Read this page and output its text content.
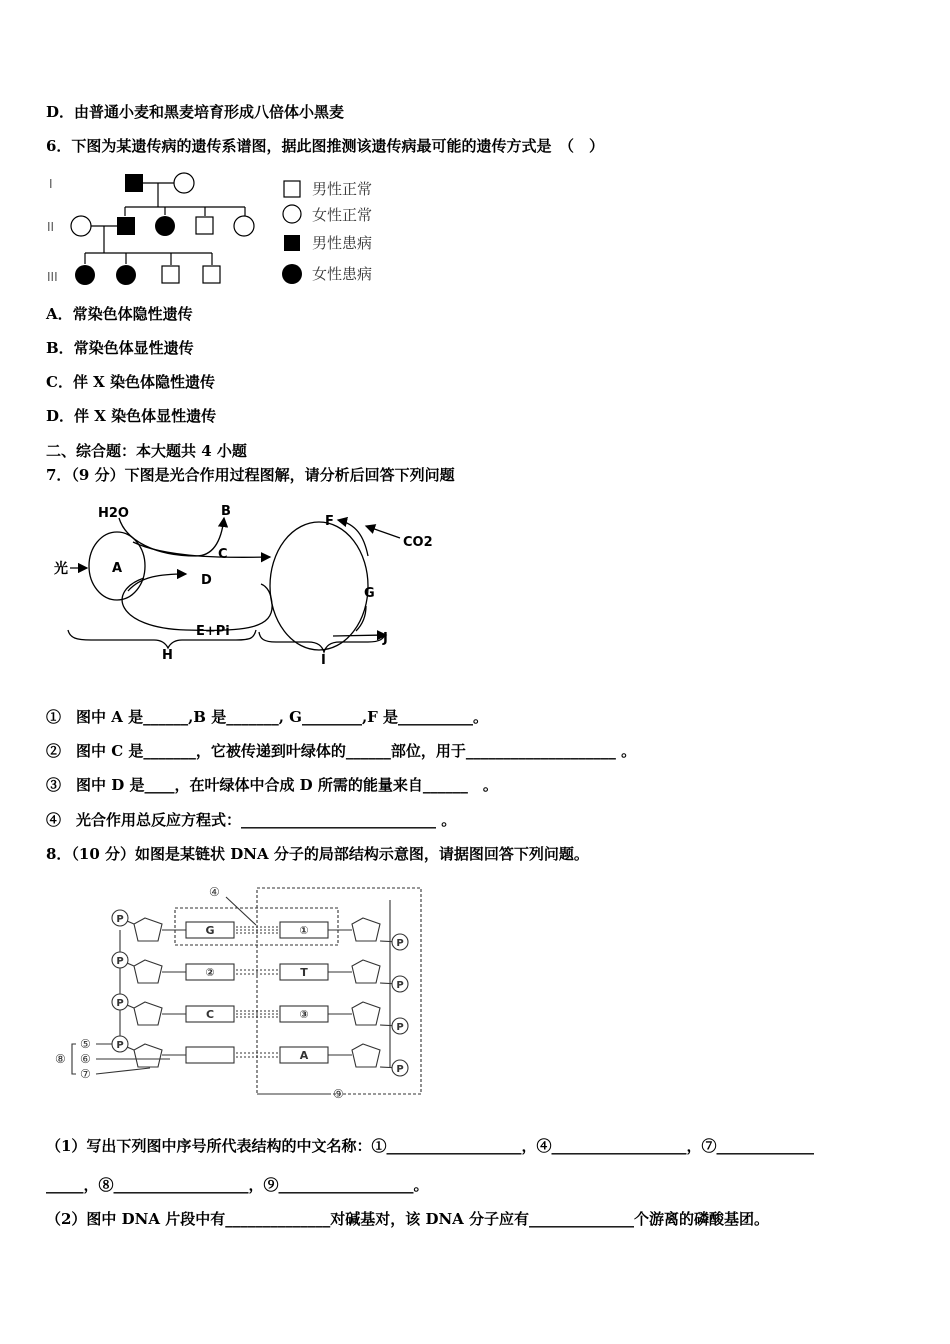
D．由普通小麦和黑麦培育形成八倍体小黑麦
6．下图为某遗传病的遗传系谱图，据此图推测该遗传病最可能的遗传方式是　（　）
I
II
III
男性正常
女性正常
男性患病
女性患病
A．常染色体隐性遗传
B．常染色体显性遗传
C．伴 X 染色体隐性遗传
D．伴 X 染色体显性遗传
二、综合题：本大题共 4 小题
7．（9 分）下图是光合作用过程图解，请分析后回答下列问题
H2O	B
光	A
C
D
E+Pi
H
F
CO2
G
J
I
①　图中 A 是______,B 是_______, G________,F 是__________。
②　图中 C 是_______，它被传递到叶绿体的______部位，用于____________________ 。
③　图中 D 是____，在叶绿体中合成 D 所需的能量来自______　。
④　光合作用总反应方程式：__________________________ 。
8．（10 分）如图是某链状 DNA 分子的局部结构示意图，请据图回答下列问题。
P
P
P
P
P
P
P
P
G
②
C
①
T
③
A
④
⑤
⑥
⑦
⑧
⑨
（1）写出下列图中序号所代表结构的中文名称：①__________________，④__________________，⑦_____________
_____，⑧__________________，⑨__________________。
（2）图中 DNA 片段中有______________对碱基对，该 DNA 分子应有______________个游离的磷酸基团。
